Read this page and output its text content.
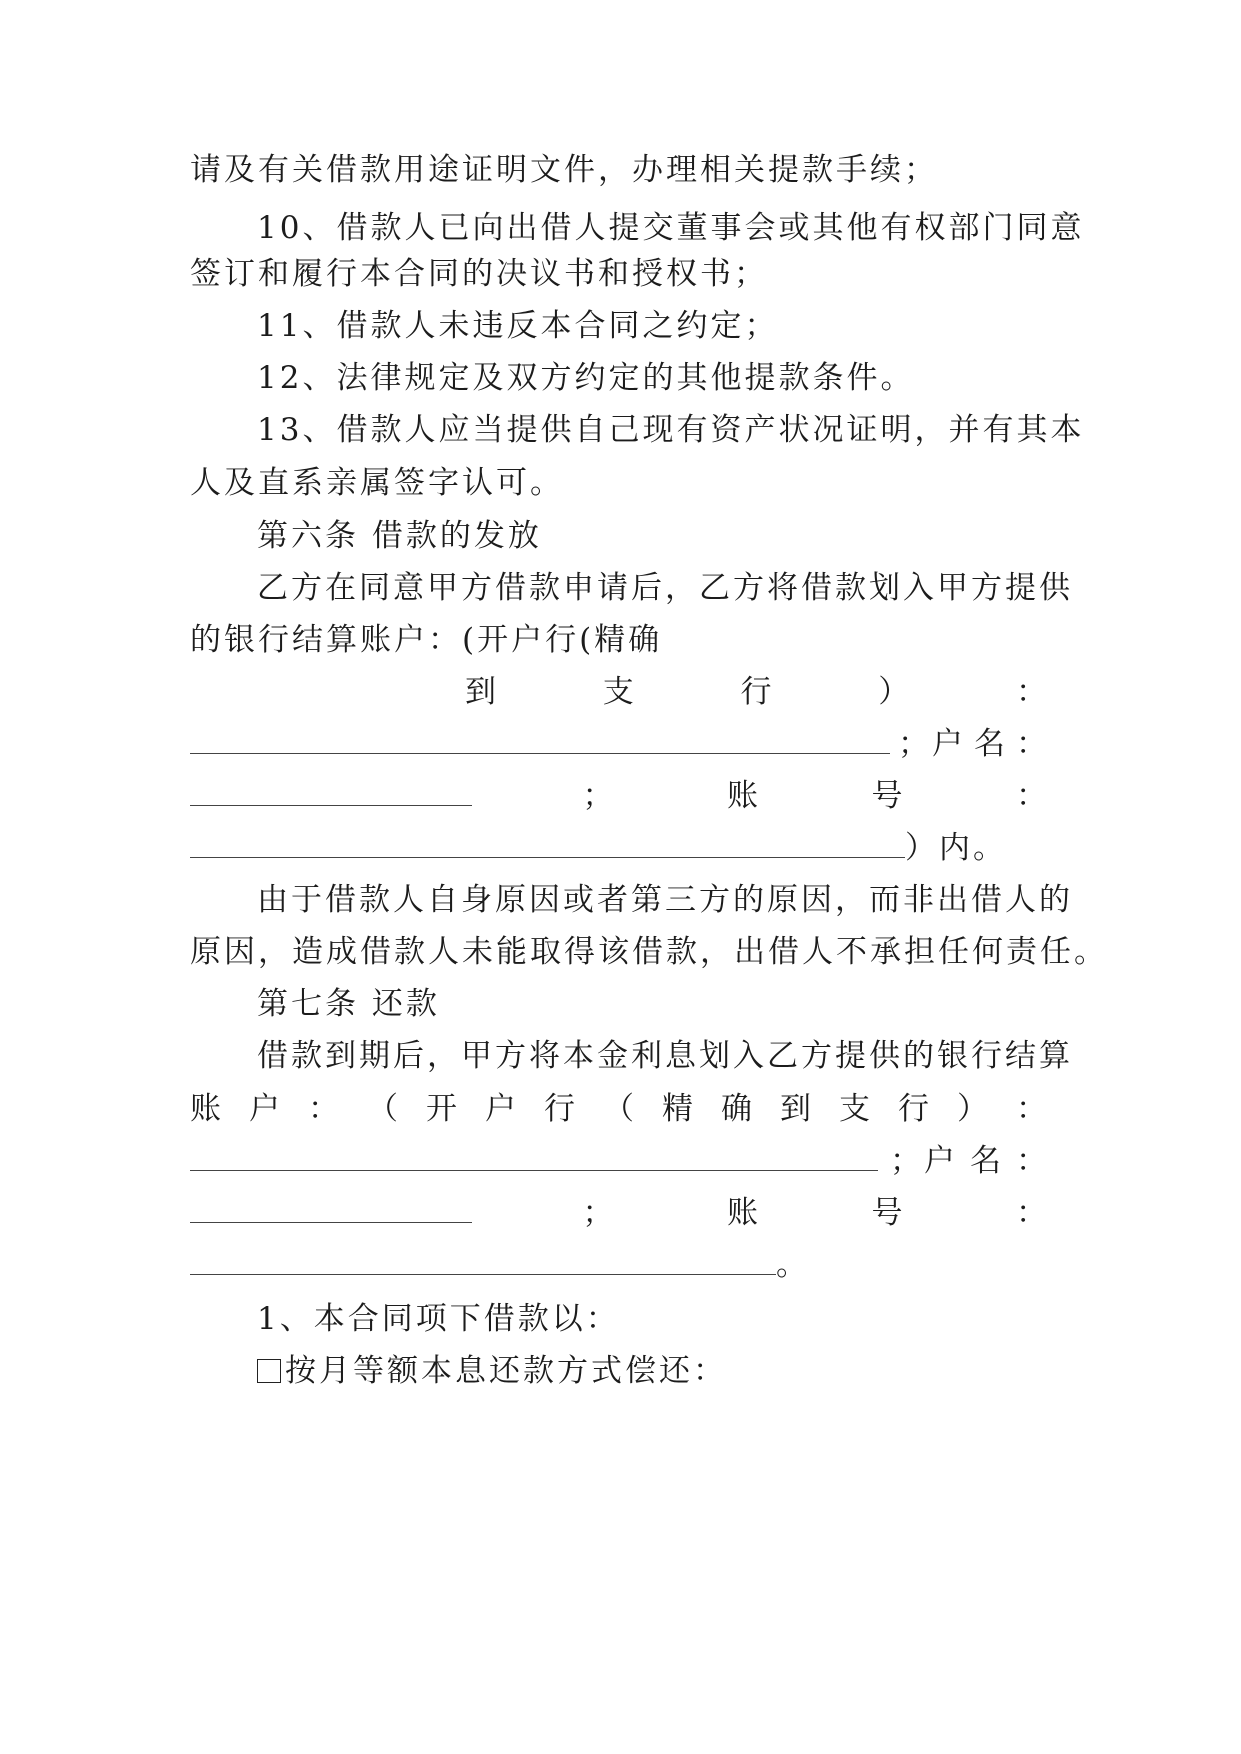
请及有关借款用途证明文件，办理相关提款手续；
10、借款人已向出借人提交董事会或其他有权部门同意
签订和履行本合同的决议书和授权书；
11、借款人未违反本合同之约定；
12、法律规定及双方约定的其他提款条件。
13、借款人应当提供自己现有资产状况证明，并有其本
人及直系亲属签字认可。
第六条 借款的发放
乙方在同意甲方借款申请后，乙方将借款划入甲方提供
的银行结算账户：(开户行(精确
到	支	行	）	：
；户 名 ：
；	账	号	：
）内。
由于借款人自身原因或者第三方的原因，而非出借人的
原因，造成借款人未能取得该借款，出借人不承担任何责任。
第七条 还款
借款到期后，甲方将本金利息划入乙方提供的银行结算
账 户 ： （ 开 户 行 （ 精 确 到 支 行 ） ：
；户 名 ：
；	账	号	：
。
1、本合同项下借款以：
按月等额本息还款方式偿还：
